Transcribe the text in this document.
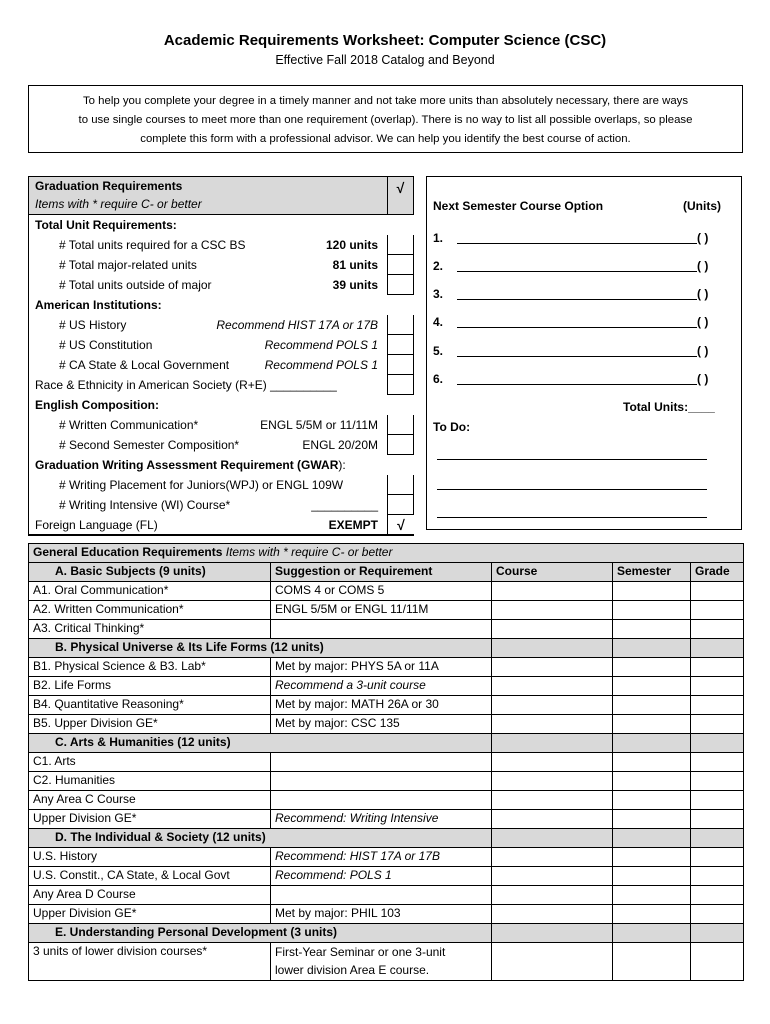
Academic Requirements Worksheet: Computer Science (CSC)
Effective Fall 2018 Catalog and Beyond
To help you complete your degree in a timely manner and not take more units than absolutely necessary, there are ways
to use single courses to meet more than one requirement (overlap). There is no way to list all possible overlaps, so please
complete this form with a professional advisor. We can help you identify the best course of action.
Graduation Requirements
Items with * require C- or better
√
Total Unit Requirements:
# Total units required for a CSC BS	120 units
# Total major-related units	81 units
# Total units outside of major	39 units
American Institutions:
# US History	Recommend HIST 17A or 17B
# US Constitution	Recommend POLS 1
# CA State & Local Government	Recommend POLS 1
Race & Ethnicity in American Society (R+E) __________
English Composition:
# Written Communication*	ENGL 5/5M or 11/11M
# Second Semester Composition*	ENGL 20/20M
Graduation Writing Assessment Requirement (GWAR):
# Writing Placement for Juniors(WPJ) or ENGL 109W
# Writing Intensive (WI) Course*	__________
Foreign Language (FL)	EXEMPT	√
Next Semester Course Option	(Units)
1.	( )
2.	( )
3.	( )
4.	( )
5.	( )
6.	( )
Total Units:____
To Do:
General Education Requirements Items with * require C- or better				
A. Basic Subjects (9 units)	Suggestion or Requirement	Course	Semester	Grade
A1. Oral Communication*	COMS 4 or COMS 5			
A2. Written Communication*	ENGL 5/5M or ENGL 11/11M			
A3. Critical Thinking*				
B. Physical Universe & Its Life Forms (12 units)				
B1. Physical Science & B3. Lab*	Met by major: PHYS 5A or 11A			
B2. Life Forms	Recommend a 3-unit course			
B4. Quantitative Reasoning*	Met by major: MATH 26A or 30			
B5. Upper Division GE*	Met by major: CSC 135			
C. Arts & Humanities (12 units)				
C1. Arts				
C2. Humanities				
Any Area C Course				
Upper Division GE*	Recommend: Writing Intensive			
D. The Individual & Society (12 units)				
U.S. History	Recommend: HIST 17A or 17B			
U.S. Constit., CA State, & Local Govt	Recommend: POLS 1			
Any Area D Course				
Upper Division GE*	Met by major: PHIL 103			
E. Understanding Personal Development (3 units)				
3 units of lower division courses*	First-Year Seminar or one 3-unit
lower division Area E course.			
